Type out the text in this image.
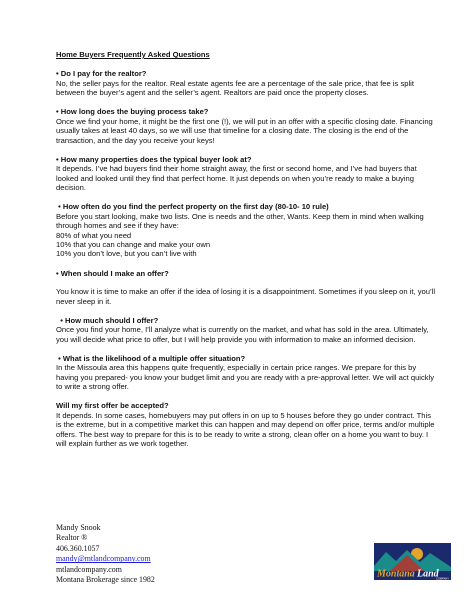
Home Buyers Frequently Asked Questions

• Do I pay for the realtor?

No, the seller pays for the realtor. Real estate agents fee are a percentage of the sale price, that fee is split between the buyer’s agent and the seller’s agent. Realtors are paid once the property closes.

• How long does the buying process take?

Once we find your home, it might be the first one (!), we will put in an offer with a specific closing date. Financing usually takes at least 40 days, so we will use that timeline for a closing date. The closing is the end of the transaction, and the day you receive your keys!

• How many properties does the typical buyer look at?

It depends. I’ve had buyers find their home straight away, the first or second home, and I’ve had buyers that looked and looked until they find that perfect home. It just depends on when you’re ready to make a buying decision.

• How often do you find the perfect property on the first day (80-10- 10 rule)

Before you start looking, make two lists. One is needs and the other, Wants. Keep them in mind when walking through homes and see if they have:

80% of what you need

10% that you can change and make your own

10% you don’t love, but you can’t live with

• When should I make an offer?

You know it is time to make an offer if the idea of losing it is a disappointment. Sometimes if you sleep on it, you’ll never sleep in it.

• How much should I offer?

Once you find your home, I’ll analyze what is currently on the market, and what has sold in the area. Ultimately, you will decide what price to offer, but I will help provide you with information to make an informed decision.

• What is the likelihood of a multiple offer situation?

In the Missoula area this happens quite frequently, especially in certain price ranges. We prepare for this by having you prepared- you know your budget limit and you are ready with a pre-approval letter. We will act quickly to write a strong offer.

Will my first offer be accepted?

It depends. In some cases, homebuyers may put offers in on up to 5 houses before they go under contract. This is the extreme, but in a competitive market this can happen and may depend on offer price, terms and/or multiple offers. The best way to prepare for this is to be ready to write a strong, clean offer on a home you want to buy. I will explain further as we work together.

Mandy Snook
Realtor ®
406.360.1057
mandy@mtlandcompany.com
mtlandcompany.com
Montana Brokerage since 1982
Montana Land
COMPANY
